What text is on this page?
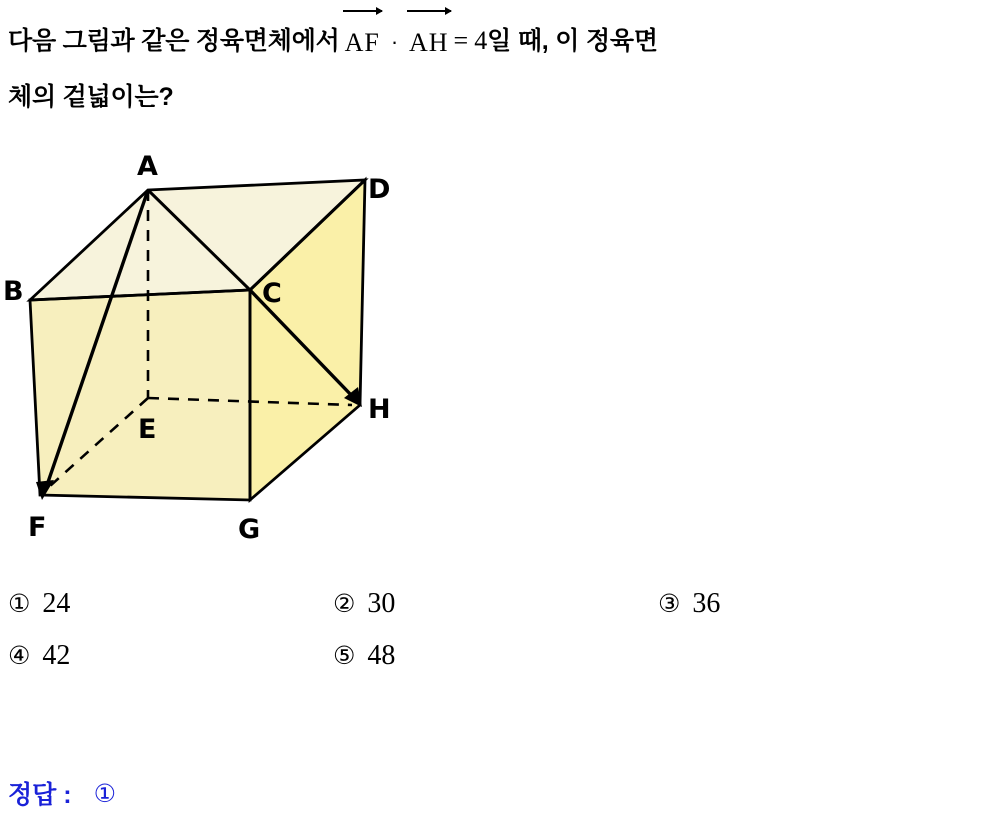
다음 그림과 같은 정육면체에서 AF · AH = 4일 때, 이 정육면
체의 겉넓이는?
A
D
B	C
E
H
F	G
① 24	② 30	③ 36
④ 42	⑤ 48
정답 : ①
